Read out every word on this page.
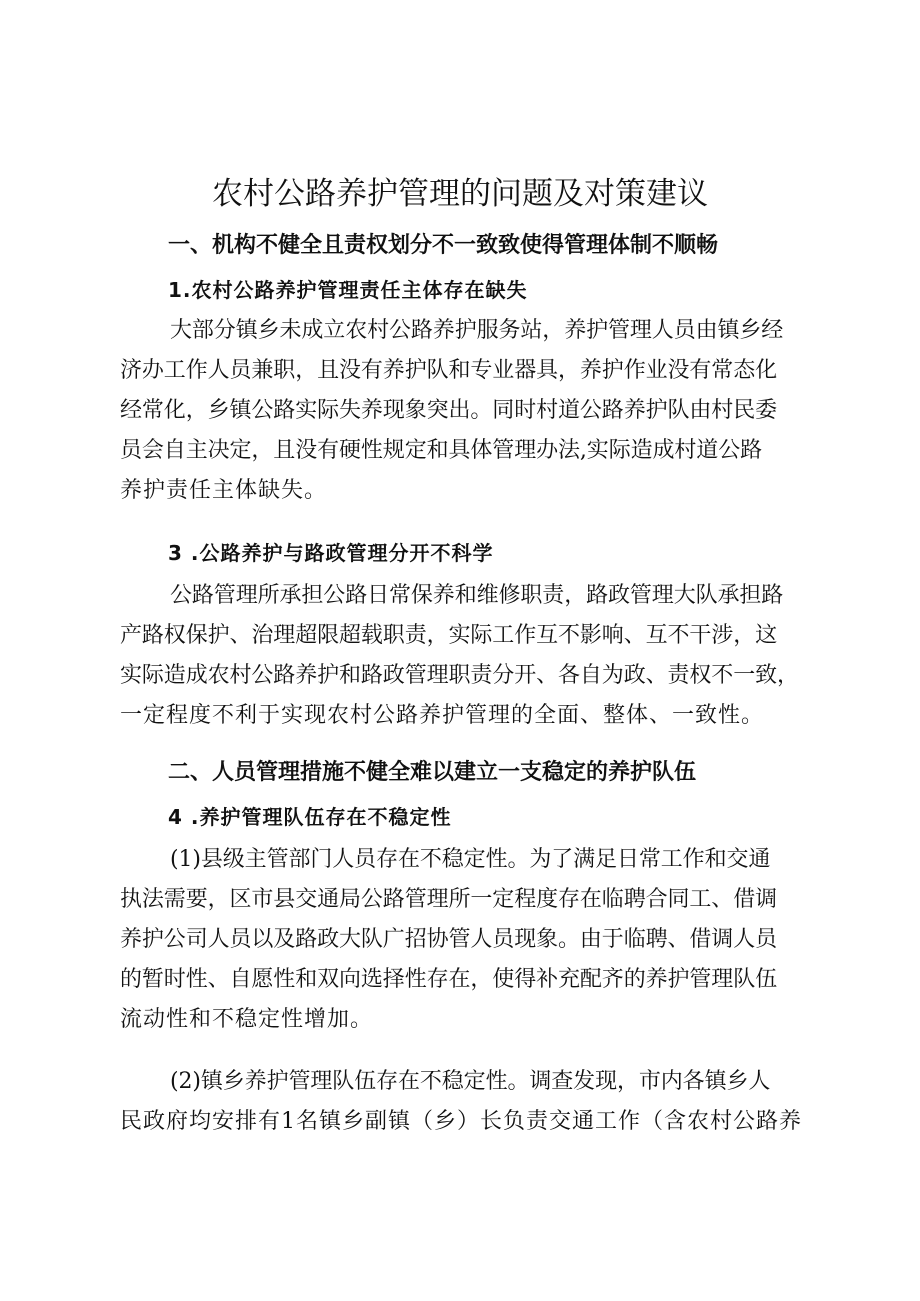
农村公路养护管理的问题及对策建议
一、机构不健全且责权划分不一致致使得管理体制不顺畅
1.农村公路养护管理责任主体存在缺失
大部分镇乡未成立农村公路养护服务站，养护管理人员由镇乡经
济办工作人员兼职，且没有养护队和专业器具，养护作业没有常态化
经常化，乡镇公路实际失养现象突出。同时村道公路养护队由村民委
员会自主决定，且没有硬性规定和具体管理办法,实际造成村道公路
养护责任主体缺失。
3 .公路养护与路政管理分开不科学
公路管理所承担公路日常保养和维修职责，路政管理大队承担路
产路权保护、治理超限超载职责，实际工作互不影响、互不干涉，这
实际造成农村公路养护和路政管理职责分开、各自为政、责权不一致，
一定程度不利于实现农村公路养护管理的全面、整体、一致性。
二、人员管理措施不健全难以建立一支稳定的养护队伍
4 .养护管理队伍存在不稳定性
(1)县级主管部门人员存在不稳定性。为了满足日常工作和交通
执法需要，区市县交通局公路管理所一定程度存在临聘合同工、借调
养护公司人员以及路政大队广招协管人员现象。由于临聘、借调人员
的暂时性、自愿性和双向选择性存在，使得补充配齐的养护管理队伍
流动性和不稳定性增加。
(2)镇乡养护管理队伍存在不稳定性。调查发现，市内各镇乡人
民政府均安排有1名镇乡副镇（乡）长负责交通工作（含农村公路养
